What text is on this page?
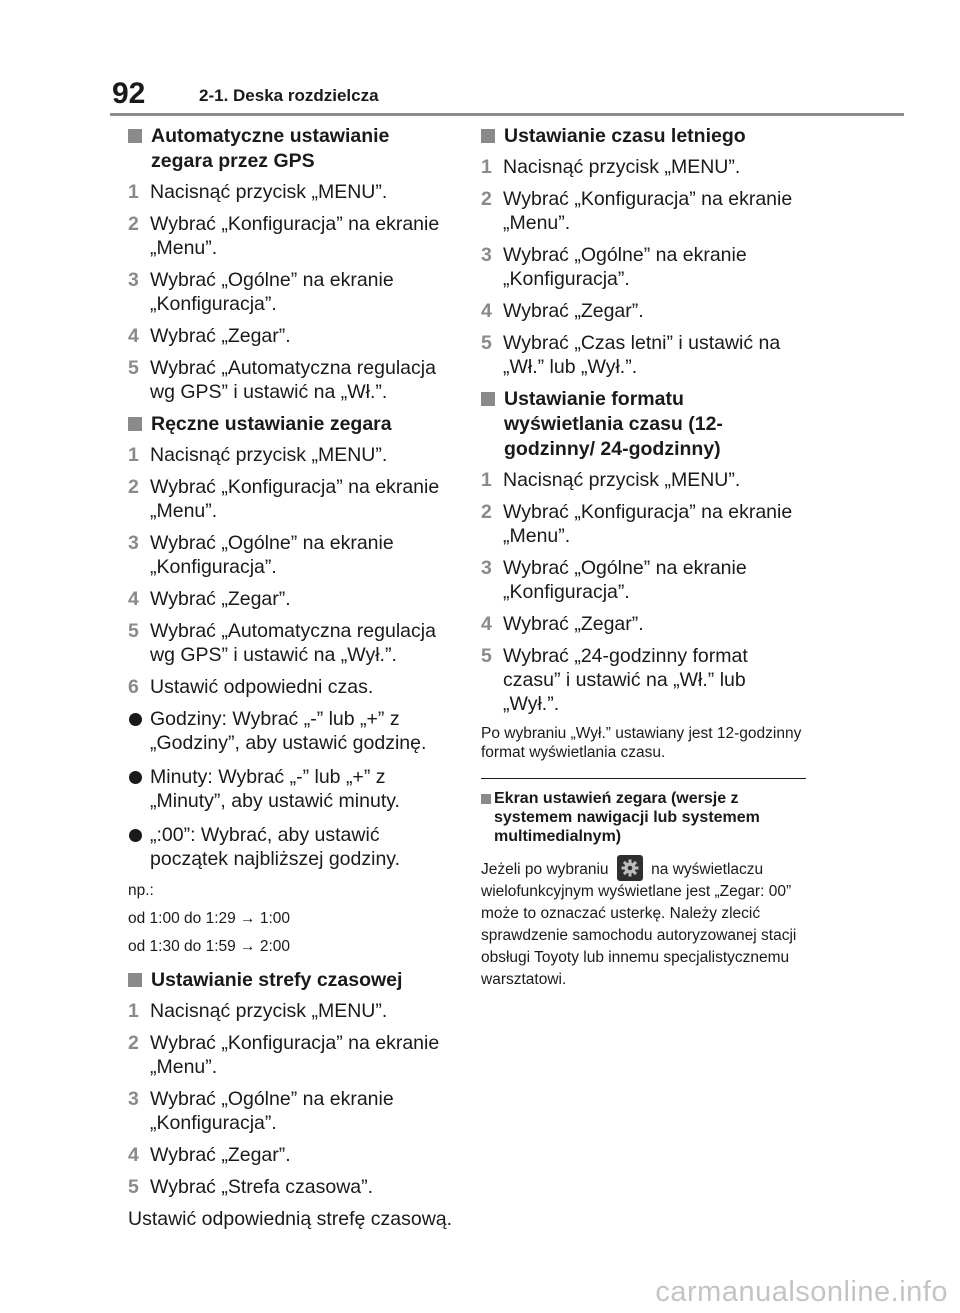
92	2-1. Deska rozdzielcza
Automatyczne ustawianie zegara przez GPS
1 Nacisnąć przycisk „MENU”.
2 Wybrać „Konfiguracja” na ekranie „Menu”.
3 Wybrać „Ogólne” na ekranie „Konfiguracja”.
4 Wybrać „Zegar”.
5 Wybrać „Automatyczna regulacja wg GPS” i ustawić na „Wł.”.
Ręczne ustawianie zegara
1 Nacisnąć przycisk „MENU”.
2 Wybrać „Konfiguracja” na ekranie „Menu”.
3 Wybrać „Ogólne” na ekranie „Konfiguracja”.
4 Wybrać „Zegar”.
5 Wybrać „Automatyczna regulacja wg GPS” i ustawić na „Wył.”.
6 Ustawić odpowiedni czas.
Godziny: Wybrać „-” lub „+” z „Godziny”, aby ustawić godzinę.
Minuty: Wybrać „-” lub „+” z „Minuty”, aby ustawić minuty.
„:00”: Wybrać, aby ustawić początek najbliższej godziny.
np.:
od 1:00 do 1:29 → 1:00
od 1:30 do 1:59 → 2:00
Ustawianie strefy czasowej
1 Nacisnąć przycisk „MENU”.
2 Wybrać „Konfiguracja” na ekranie „Menu”.
3 Wybrać „Ogólne” na ekranie „Konfiguracja”.
4 Wybrać „Zegar”.
5 Wybrać „Strefa czasowa”.
Ustawić odpowiednią strefę czasową.
Ustawianie czasu letniego
1 Nacisnąć przycisk „MENU”.
2 Wybrać „Konfiguracja” na ekranie „Menu”.
3 Wybrać „Ogólne” na ekranie „Konfiguracja”.
4 Wybrać „Zegar”.
5 Wybrać „Czas letni” i ustawić na „Wł.” lub „Wył.”.
Ustawianie formatu wyświetlania czasu (12-godzinny/ 24-godzinny)
1 Nacisnąć przycisk „MENU”.
2 Wybrać „Konfiguracja” na ekranie „Menu”.
3 Wybrać „Ogólne” na ekranie „Konfiguracja”.
4 Wybrać „Zegar”.
5 Wybrać „24-godzinny format czasu” i ustawić na „Wł.” lub „Wył.”.
Po wybraniu „Wył.” ustawiany jest 12-godzinny format wyświetlania czasu.
Ekran ustawień zegara (wersje z systemem nawigacji lub systemem multimedialnym)
Jeżeli po wybraniu	na wyświetlaczu wielofunkcyjnym wyświetlane jest „Zegar: 00” może to oznaczać usterkę. Należy zlecić sprawdzenie samochodu autoryzowanej stacji obsługi Toyoty lub innemu specjalistycznemu warsztatowi.
carmanualsonline.info
